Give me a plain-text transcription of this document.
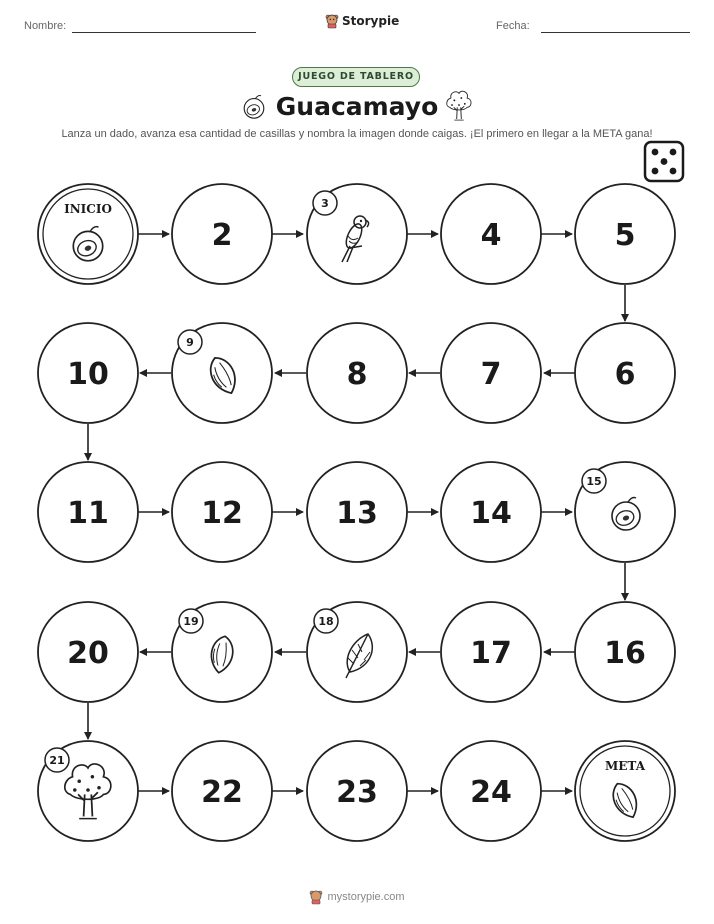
Nombre:	Storypie	Fecha:
JUEGO DE TABLERO
Guacamayo
Lanza un dado, avanza esa cantidad de casillas y nombra la imagen donde caigas. ¡El primero en llegar a la META gana!
INICIO
2
3
4	5
6
7
8
9
10
11	12	13	14
15
16
17
18
19
20
21
22	23	24
META
mystorypie.com
